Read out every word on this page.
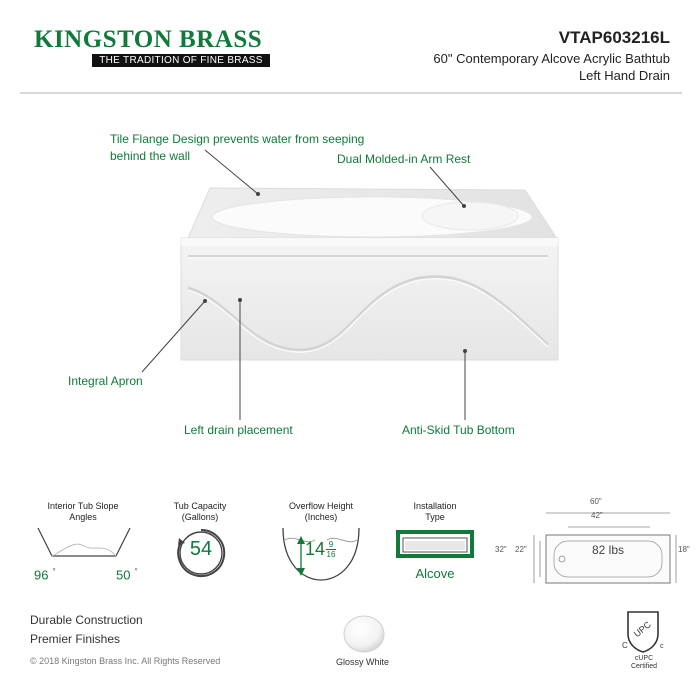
KINGSTON BRASS
THE TRADITION OF FINE BRASS
VTAP603216L
60" Contemporary Alcove Acrylic Bathtub
Left Hand Drain
Tile Flange Design prevents water from seeping
behind the wall	Dual Molded-in Arm Rest
Integral Apron
Left drain placement	Anti-Skid Tub Bottom
Interior Tub Slope
Angles
96 °	50 °
Tub Capacity
(Gallons)
54
Overflow Height
(Inches)
$14 \frac{9}{16}$
Installation
Type
Alcove
60"
42"
32" 22"	18"
82 lbs
Durable Construction
Premier Finishes
© 2018 Kingston Brass Inc. All Rights Reserved	Glossy White
UPC
C	c
cUPC
Certified
